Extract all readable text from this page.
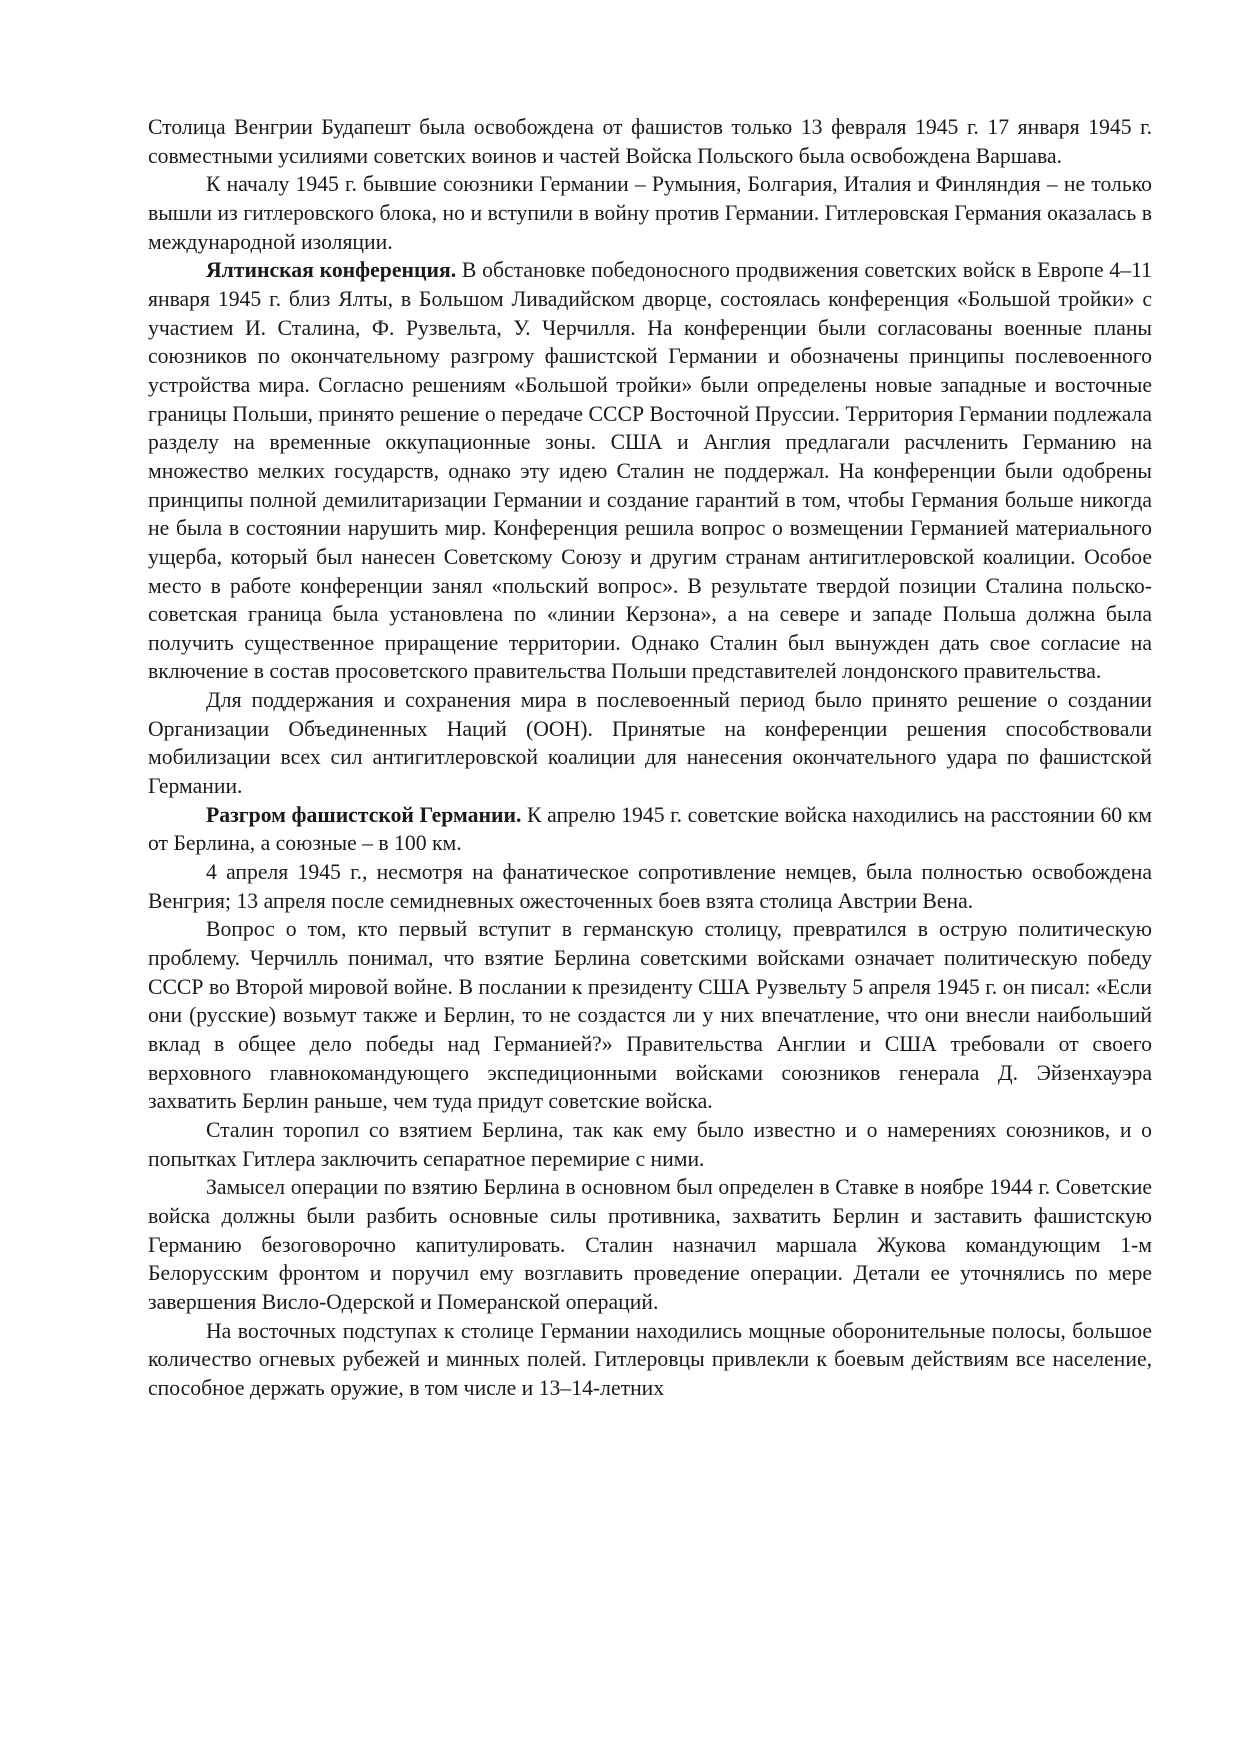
Столица Венгрии Будапешт была освобождена от фашистов только 13 февраля 1945 г. 17 января 1945 г. совместными усилиями советских воинов и частей Войска Польского была освобождена Варшава.

К началу 1945 г. бывшие союзники Германии – Румыния, Болгария, Италия и Финляндия – не только вышли из гитлеровского блока, но и вступили в войну против Германии. Гитлеровская Германия оказалась в международной изоляции.

Ялтинская конференция. В обстановке победоносного продвижения советских войск в Европе 4–11 января 1945 г. близ Ялты, в Большом Ливадийском дворце, состоялась конференция «Большой тройки» с участием И. Сталина, Ф. Рузвельта, У. Черчилля. На конференции были согласованы военные планы союзников по окончательному разгрому фашистской Германии и обозначены принципы послевоенного устройства мира. Согласно решениям «Большой тройки» были определены новые западные и восточные границы Польши, принято решение о передаче СССР Восточной Пруссии. Территория Германии подлежала разделу на временные оккупационные зоны. США и Англия предлагали расчленить Германию на множество мелких государств, однако эту идею Сталин не поддержал. На конференции были одобрены принципы полной демилитаризации Германии и создание гарантий в том, чтобы Германия больше никогда не была в состоянии нарушить мир. Конференция решила вопрос о возмещении Германией материального ущерба, который был нанесен Советскому Союзу и другим странам антигитлеровской коалиции. Особое место в работе конференции занял «польский вопрос». В результате твердой позиции Сталина польско-советская граница была установлена по «линии Керзона», а на севере и западе Польша должна была получить существенное приращение территории. Однако Сталин был вынужден дать свое согласие на включение в состав просоветского правительства Польши представителей лондонского правительства.

Для поддержания и сохранения мира в послевоенный период было принято решение о создании Организации Объединенных Наций (ООН). Принятые на конференции решения способствовали мобилизации всех сил антигитлеровской коалиции для нанесения окончательного удара по фашистской Германии.

Разгром фашистской Германии. К апрелю 1945 г. советские войска находились на расстоянии 60 км от Берлина, а союзные – в 100 км.

4 апреля 1945 г., несмотря на фанатическое сопротивление немцев, была полностью освобождена Венгрия; 13 апреля после семидневных ожесточенных боев взята столица Австрии Вена.

Вопрос о том, кто первый вступит в германскую столицу, превратился в острую политическую проблему. Черчилль понимал, что взятие Берлина советскими войсками означает политическую победу СССР во Второй мировой войне. В послании к президенту США Рузвельту 5 апреля 1945 г. он писал: «Если они (русские) возьмут также и Берлин, то не создастся ли у них впечатление, что они внесли наибольший вклад в общее дело победы над Германией?» Правительства Англии и США требовали от своего верховного главнокомандующего экспедиционными войсками союзников генерала Д. Эйзенхауэра захватить Берлин раньше, чем туда придут советские войска.

Сталин торопил со взятием Берлина, так как ему было известно и о намерениях союзников, и о попытках Гитлера заключить сепаратное перемирие с ними.

Замысел операции по взятию Берлина в основном был определен в Ставке в ноябре 1944 г. Советские войска должны были разбить основные силы противника, захватить Берлин и заставить фашистскую Германию безоговорочно капитулировать. Сталин назначил маршала Жукова командующим 1-м Белорусским фронтом и поручил ему возглавить проведение операции. Детали ее уточнялись по мере завершения Висло-Одерской и Померанской операций.

На восточных подступах к столице Германии находились мощные оборонительные полосы, большое количество огневых рубежей и минных полей. Гитлеровцы привлекли к боевым действиям все население, способное держать оружие, в том числе и 13–14-летних
